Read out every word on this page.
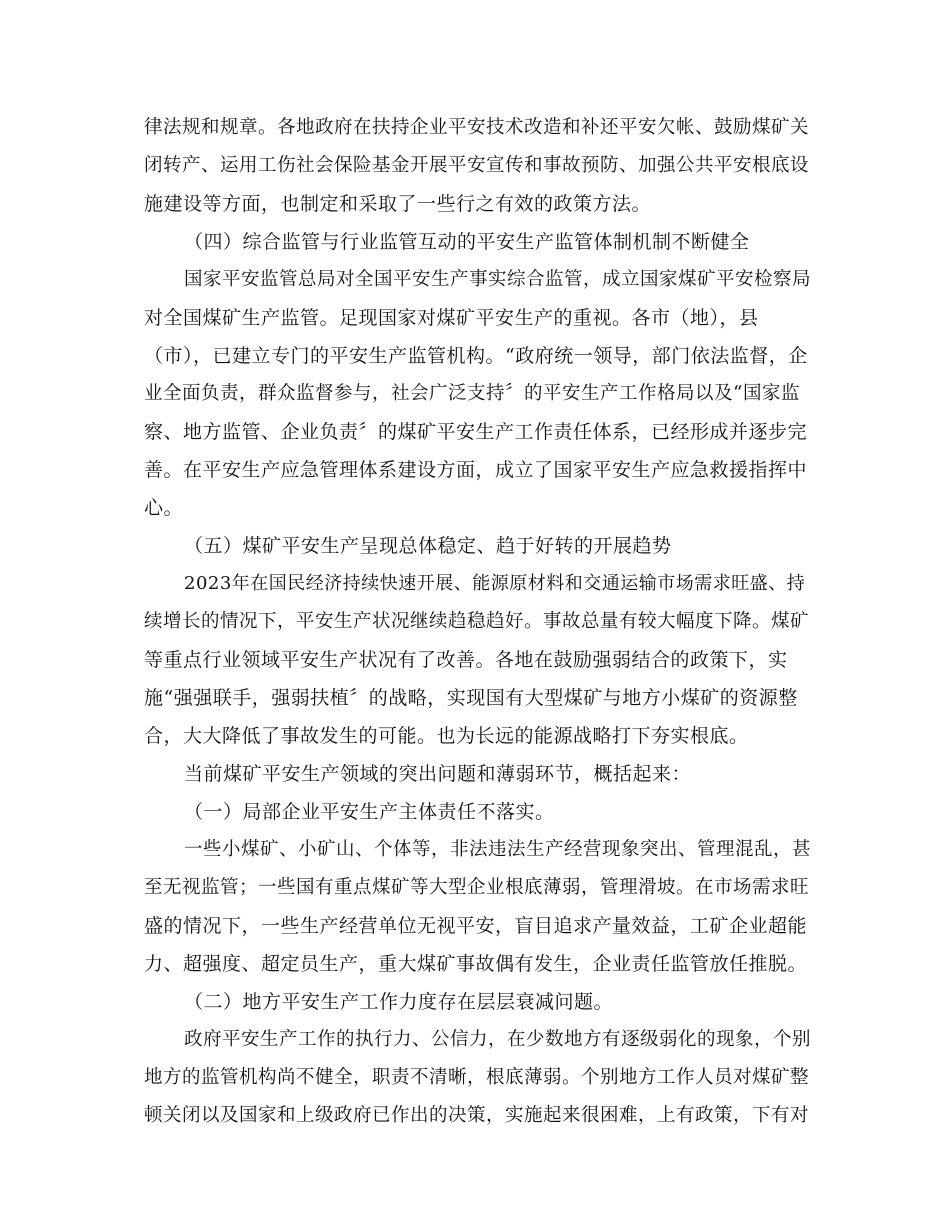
律法规和规章。各地政府在扶持企业平安技术改造和补还平安欠帐、鼓励煤矿关
闭转产、运用工伤社会保险基金开展平安宣传和事故预防、加强公共平安根底设
施建设等方面，也制定和采取了一些行之有效的政策方法。
（四）综合监管与行业监管互动的平安生产监管体制机制不断健全
国家平安监管总局对全国平安生产事实综合监管，成立国家煤矿平安检察局
对全国煤矿生产监管。足现国家对煤矿平安生产的重视。各市（地），县
（市），已建立专门的平安生产监管机构。“政府统一领导，部门依法监督，企
业全面负责，群众监督参与，社会广泛支持〞的平安生产工作格局以及“国家监
察、地方监管、企业负责〞的煤矿平安生产工作责任体系，已经形成并逐步完
善。在平安生产应急管理体系建设方面，成立了国家平安生产应急救援指挥中
心。
（五）煤矿平安生产呈现总体稳定、趋于好转的开展趋势
2023年在国民经济持续快速开展、能源原材料和交通运输市场需求旺盛、持
续增长的情况下，平安生产状况继续趋稳趋好。事故总量有较大幅度下降。煤矿
等重点行业领域平安生产状况有了改善。各地在鼓励强弱结合的政策下，实
施“强强联手，强弱扶植〞的战略，实现国有大型煤矿与地方小煤矿的资源整
合，大大降低了事故发生的可能。也为长远的能源战略打下夯实根底。
当前煤矿平安生产领域的突出问题和薄弱环节，概括起来：
（一）局部企业平安生产主体责任不落实。
一些小煤矿、小矿山、个体等，非法违法生产经营现象突出、管理混乱，甚
至无视监管；一些国有重点煤矿等大型企业根底薄弱，管理滑坡。在市场需求旺
盛的情况下，一些生产经营单位无视平安，盲目追求产量效益，工矿企业超能
力、超强度、超定员生产，重大煤矿事故偶有发生，企业责任监管放任推脱。
（二）地方平安生产工作力度存在层层衰减问题。
政府平安生产工作的执行力、公信力，在少数地方有逐级弱化的现象，个别
地方的监管机构尚不健全，职责不清晰，根底薄弱。个别地方工作人员对煤矿整
顿关闭以及国家和上级政府已作出的决策，实施起来很困难，上有政策，下有对
